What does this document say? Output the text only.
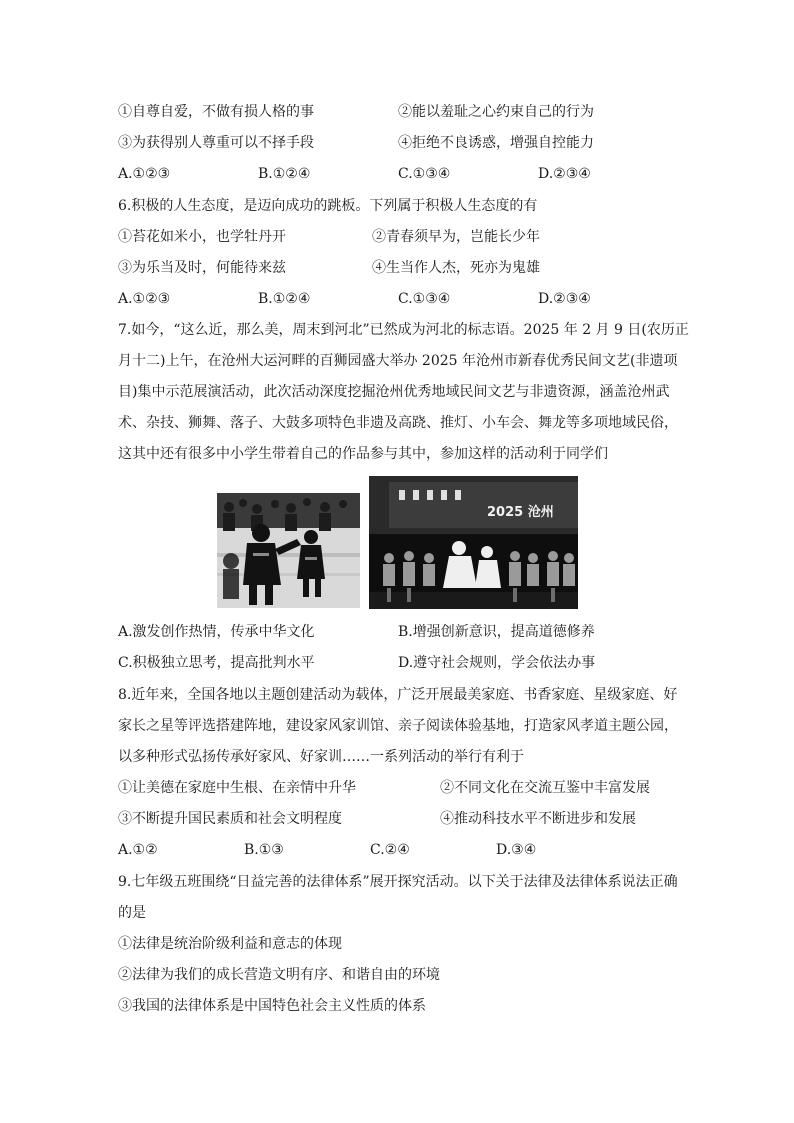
①自尊自爱，不做有损人格的事	②能以羞耻之心约束自己的行为
③为获得别人尊重可以不择手段	④拒绝不良诱惑，增强自控能力
A.①②③	B.①②④	C.①③④	D.②③④
6.积极的人生态度，是迈向成功的跳板。下列属于积极人生态度的有
①苔花如米小，也学牡丹开	②青春须早为，岂能长少年
③为乐当及时，何能待来兹	④生当作人杰，死亦为鬼雄
A.①②③	B.①②④	C.①③④	D.②③④
7.如今，“这么近，那么美，周末到河北”已然成为河北的标志语。2025 年 2 月 9 日(农历正
月十二)上午，在沧州大运河畔的百狮园盛大举办 2025 年沧州市新春优秀民间文艺(非遗项
目)集中示范展演活动，此次活动深度挖掘沧州优秀地域民间文艺与非遗资源，涵盖沧州武
术、杂技、狮舞、落子、大鼓多项特色非遗及高跷、推灯、小车会、舞龙等多项地域民俗，
这其中还有很多中小学生带着自己的作品参与其中，参加这样的活动利于同学们
2025 沧州
A.激发创作热情，传承中华文化	B.增强创新意识，提高道德修养
C.积极独立思考，提高批判水平	D.遵守社会规则，学会依法办事
8.近年来，全国各地以主题创建活动为载体，广泛开展最美家庭、书香家庭、星级家庭、好
家长之星等评选搭建阵地，建设家风家训馆、亲子阅读体验基地，打造家风孝道主题公园，
以多种形式弘扬传承好家风、好家训……一系列活动的举行有利于
①让美德在家庭中生根、在亲情中升华	②不同文化在交流互鉴中丰富发展
③不断提升国民素质和社会文明程度	④推动科技水平不断进步和发展
A.①②	B.①③	C.②④	D.③④
9.七年级五班围绕“日益完善的法律体系”展开探究活动。以下关于法律及法律体系说法正确
的是
①法律是统治阶级利益和意志的体现
②法律为我们的成长营造文明有序、和谐自由的环境
③我国的法律体系是中国特色社会主义性质的体系
